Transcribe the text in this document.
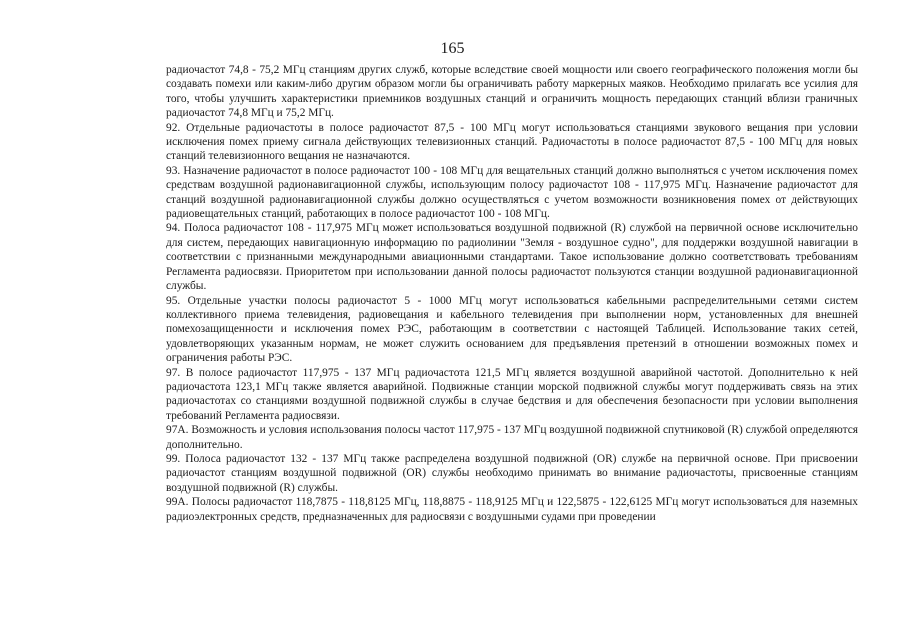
165

радиочастот 74,8 - 75,2 МГц станциям других служб, которые вследствие своей мощности или своего географического положения могли бы создавать помехи или каким-либо другим образом могли бы ограничивать работу маркерных маяков. Необходимо прилагать все усилия для того, чтобы улучшить характеристики приемников воздушных станций и ограничить мощность передающих станций вблизи граничных радиочастот 74,8 МГц и 75,2 МГц.

92. Отдельные радиочастоты в полосе радиочастот 87,5 - 100 МГц могут использоваться станциями звукового вещания при условии исключения помех приему сигнала действующих телевизионных станций. Радиочастоты в полосе радиочастот 87,5 - 100 МГц для новых станций телевизионного вещания не назначаются.

93. Назначение радиочастот в полосе радиочастот 100 - 108 МГц для вещательных станций должно выполняться с учетом исключения помех средствам воздушной радионавигационной службы, использующим полосу радиочастот 108 - 117,975 МГц. Назначение радиочастот для станций воздушной радионавигационной службы должно осуществляться с учетом возможности возникновения помех от действующих радиовещательных станций, работающих в полосе радиочастот 100 - 108 МГц.

94. Полоса радиочастот 108 - 117,975 МГц может использоваться воздушной подвижной (R) службой на первичной основе исключительно для систем, передающих навигационную информацию по радиолинии "Земля - воздушное судно", для поддержки воздушной навигации в соответствии с признанными международными авиационными стандартами. Такое использование должно соответствовать требованиям Регламента радиосвязи. Приоритетом при использовании данной полосы радиочастот пользуются станции воздушной радионавигационной службы.

95. Отдельные участки полосы радиочастот 5 - 1000 МГц могут использоваться кабельными распределительными сетями систем коллективного приема телевидения, радиовещания и кабельного телевидения при выполнении норм, установленных для внешней помехозащищенности и исключения помех РЭС, работающим в соответствии с настоящей Таблицей. Использование таких сетей, удовлетворяющих указанным нормам, не может служить основанием для предъявления претензий в отношении возможных помех и ограничения работы РЭС.

97. В полосе радиочастот 117,975 - 137 МГц радиочастота 121,5 МГц является воздушной аварийной частотой. Дополнительно к ней радиочастота 123,1 МГц также является аварийной. Подвижные станции морской подвижной службы могут поддерживать связь на этих радиочастотах со станциями воздушной подвижной службы в случае бедствия и для обеспечения безопасности при условии выполнения требований Регламента радиосвязи.

97А. Возможность и условия использования полосы частот 117,975 - 137 МГц воздушной подвижной спутниковой (R) службой определяются дополнительно.

99. Полоса радиочастот 132 - 137 МГц также распределена воздушной подвижной (OR) службе на первичной основе. При присвоении радиочастот станциям воздушной подвижной (OR) службы необходимо принимать во внимание радиочастоты, присвоенные станциям воздушной подвижной (R) службы.

99А. Полосы радиочастот 118,7875 - 118,8125 МГц, 118,8875 - 118,9125 МГц и 122,5875 - 122,6125 МГц могут использоваться для наземных радиоэлектронных средств, предназначенных для радиосвязи с воздушными судами при проведении
